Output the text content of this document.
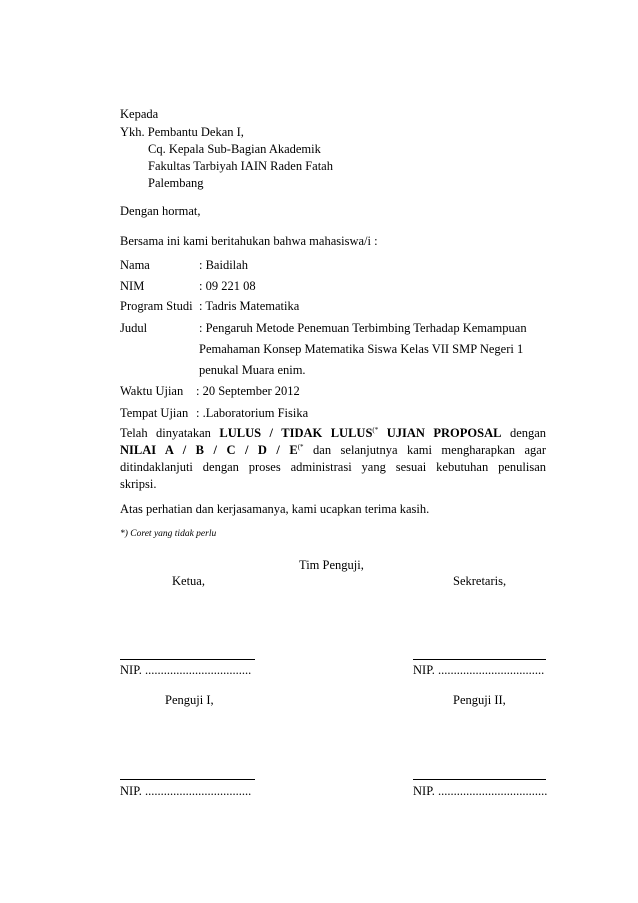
Kepada
Ykh. Pembantu Dekan I,
Cq. Kepala Sub-Bagian Akademik
Fakultas Tarbiyah IAIN Raden Fatah
Palembang
Dengan hormat,
Bersama ini kami beritahukan bahwa mahasiswa/i :
Nama	: Baidilah
NIM	: 09 221 08
Program Studi : Tadris Matematika
Judul	: Pengaruh Metode Penemuan Terbimbing Terhadap Kemampuan
Pemahaman Konsep Matematika Siswa Kelas VII SMP Negeri 1
penukal Muara enim.
Waktu Ujian : 20 September 2012
Tempat Ujian : .Laboratorium Fisika
Telah dinyatakan LULUS / TIDAK LULUS(* UJIAN PROPOSAL dengan
NILAI A / B / C / D / E(* dan selanjutnya kami mengharapkan agar
ditindaklanjuti dengan proses administrasi yang sesuai kebutuhan penulisan
skripsi.
Atas perhatian dan kerjasamanya, kami ucapkan terima kasih.
*) Coret yang tidak perlu
Tim Penguji,
Ketua,	Sekretaris,
NIP. ..................................	NIP. ..................................
Penguji I,	Penguji II,
NIP. ..................................	NIP. ...................................
